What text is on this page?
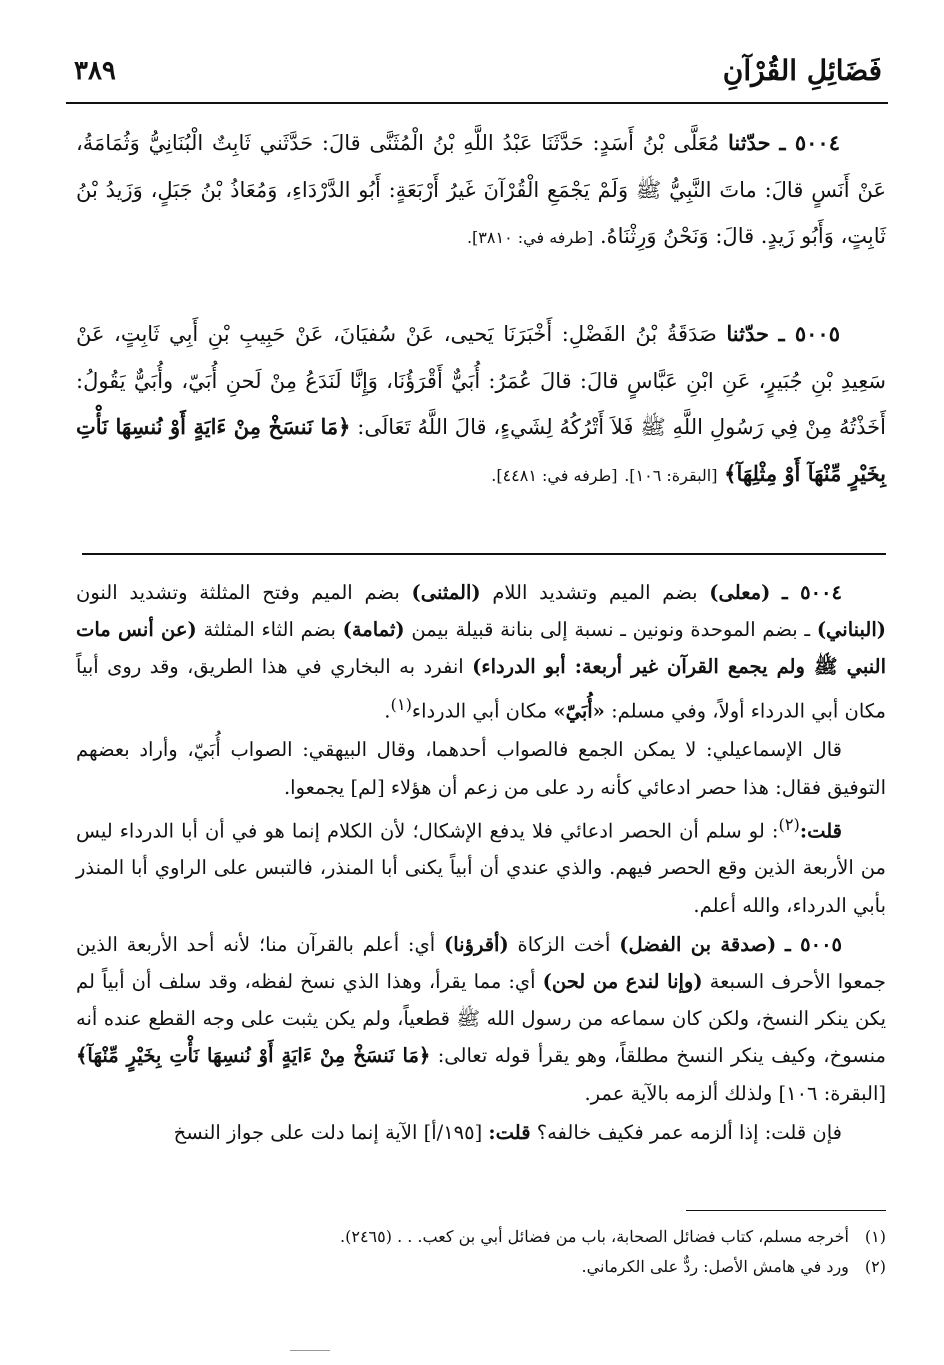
فَضَائِلِ القُرْآنِ
٣٨٩

٥٠٠٤ ـ حدّثنا مُعَلَّى بْنُ أَسَدٍ: حَدَّثَنَا عَبْدُ اللَّهِ بْنُ الْمُثَنَّى قالَ: حَدَّثَني ثَابِتٌ الْبُنَانِيُّ وَثُمَامَةُ، عَنْ أَنَسٍ قالَ: ماتَ النَّبِيُّ ﷺ وَلَمْ يَجْمَعِ الْقُرْآنَ غَيرُ أَرْبَعَةٍ: أَبُو الدَّرْدَاءِ، وَمُعَاذُ بْنُ جَبَلٍ، وَزَيدُ بْنُ ثَابِتٍ، وَأَبُو زَيدٍ. قالَ: وَنَحْنُ وَرِثْنَاهُ. [طرفه في: ٣٨١٠].

٥٠٠٥ ـ حدّثنا صَدَقَةُ بْنُ الفَضْلِ: أَخْبَرَنَا يَحيى، عَنْ سُفيَانَ، عَنْ حَبِيبِ بْنِ أَبِي ثَابِتٍ، عَنْ سَعِيدِ بْنِ جُبَيرٍ، عَنِ ابْنِ عَبَّاسٍ قالَ: قالَ عُمَرُ: أُبَيٌّ أَقْرَؤُنَا، وَإِنَّا لَنَدَعُ مِنْ لَحنِ أُبَيّ، وأُبَيٌّ يَقُولُ: أَخَذْتُهُ مِنْ فِي رَسُولِ اللَّهِ ﷺ فَلاَ أَتْرُكُهُ لِشَيءٍ، قالَ اللَّهُ تَعَالَى: ﴿مَا نَنسَخْ مِنْ ءَايَةٍ أَوْ نُنسِهَا نَأْتِ بِخَيْرٍ مِّنْهَآ أَوْ مِثْلِهَآ﴾ [البقرة: ١٠٦]. [طرفه في: ٤٤٨١].

٥٠٠٤ ـ (معلى) بضم الميم وتشديد اللام (المثنى) بضم الميم وفتح المثلثة وتشديد النون (البناني) ـ بضم الموحدة ونونين ـ نسبة إلى بنانة قبيلة بيمن (ثمامة) بضم الثاء المثلثة (عن أنس مات النبي ﷺ ولم يجمع القرآن غير أربعة: أبو الدرداء) انفرد به البخاري في هذا الطريق، وقد روى أبياً مكان أبي الدرداء أولاً، وفي مسلم: «أُبَيّ» مكان أبي الدرداء$^{(١)}$.

قال الإسماعيلي: لا يمكن الجمع فالصواب أحدهما، وقال البيهقي: الصواب أُبَيّ، وأراد بعضهم التوفيق فقال: هذا حصر ادعائي كأنه رد على من زعم أن هؤلاء [لم] يجمعوا.

قلت:$^{(٢)}$: لو سلم أن الحصر ادعائي فلا يدفع الإشكال؛ لأن الكلام إنما هو في أن أبا الدرداء ليس من الأربعة الذين وقع الحصر فيهم. والذي عندي أن أبياً يكنى أبا المنذر، فالتبس على الراوي أبا المنذر بأبي الدرداء، والله أعلم.

٥٠٠٥ ـ (صدقة بن الفضل) أخت الزكاة (أقرؤنا) أي: أعلم بالقرآن منا؛ لأنه أحد الأربعة الذين جمعوا الأحرف السبعة (وإنا لندع من لحن) أي: مما يقرأ، وهذا الذي نسخ لفظه، وقد سلف أن أبياً لم يكن ينكر النسخ، ولكن كان سماعه من رسول الله ﷺ قطعياً، ولم يكن يثبت على وجه القطع عنده أنه منسوخ، وكيف ينكر النسخ مطلقاً، وهو يقرأ قوله تعالى: ﴿مَا نَنسَخْ مِنْ ءَايَةٍ أَوْ نُنسِهَا نَأْتِ بِخَيْرٍ مِّنْهَآ﴾ [البقرة: ١٠٦] ولذلك ألزمه بالآية عمر.

فإن قلت: إذا ألزمه عمر فكيف خالفه؟ قلت: [١٩٥/أ] الآية إنما دلت على جواز النسخ

(١)أخرجه مسلم، كتاب فضائل الصحابة، باب من فضائل أبي بن كعب. . . (٢٤٦٥).

(٢)ورد في هامش الأصل: ردٌّ على الكرماني.
